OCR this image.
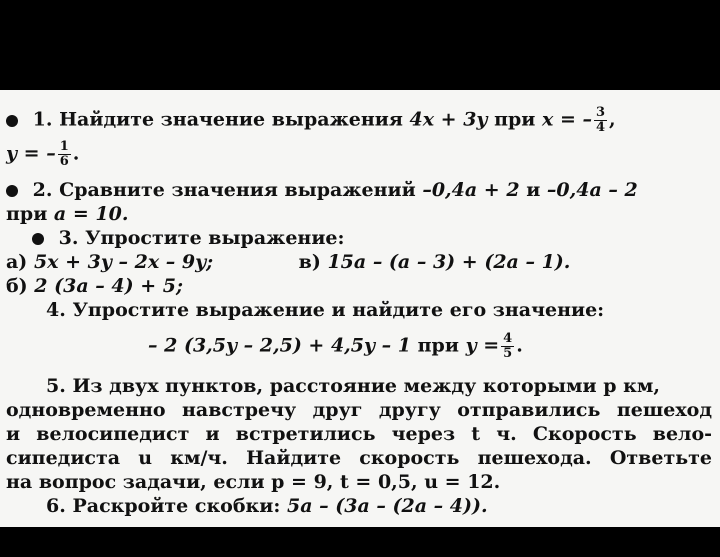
1. Найдите значение выражения 4x + 3y при x = – $\frac{3}{4}$ ,
y = – $\frac{1}{6}$ .
2. Сравните значения выражений –0,4a + 2 и –0,4a – 2
при a = 10.
3. Упростите выражение:
а) 5x + 3y – 2x – 9y;	в) 15a – (a – 3) + (2a – 1).
б) 2 (3a – 4) + 5;
4. Упростите выражение и найдите его значение:
– 2 (3,5y – 2,5) + 4,5y – 1 при $y = \frac{4}{5}$ .
5. Из двух пунктов, расстояние между которыми p км,
одновременно навстречу друг другу отправились пешеход
и велосипедист и встретились через t ч. Скорость вело-
сипедиста u км/ч. Найдите скорость пешехода. Ответьте
на вопрос задачи, если p = 9, t = 0,5, u = 12.
6. Раскройте скобки: 5a – (3a – (2a – 4)).
